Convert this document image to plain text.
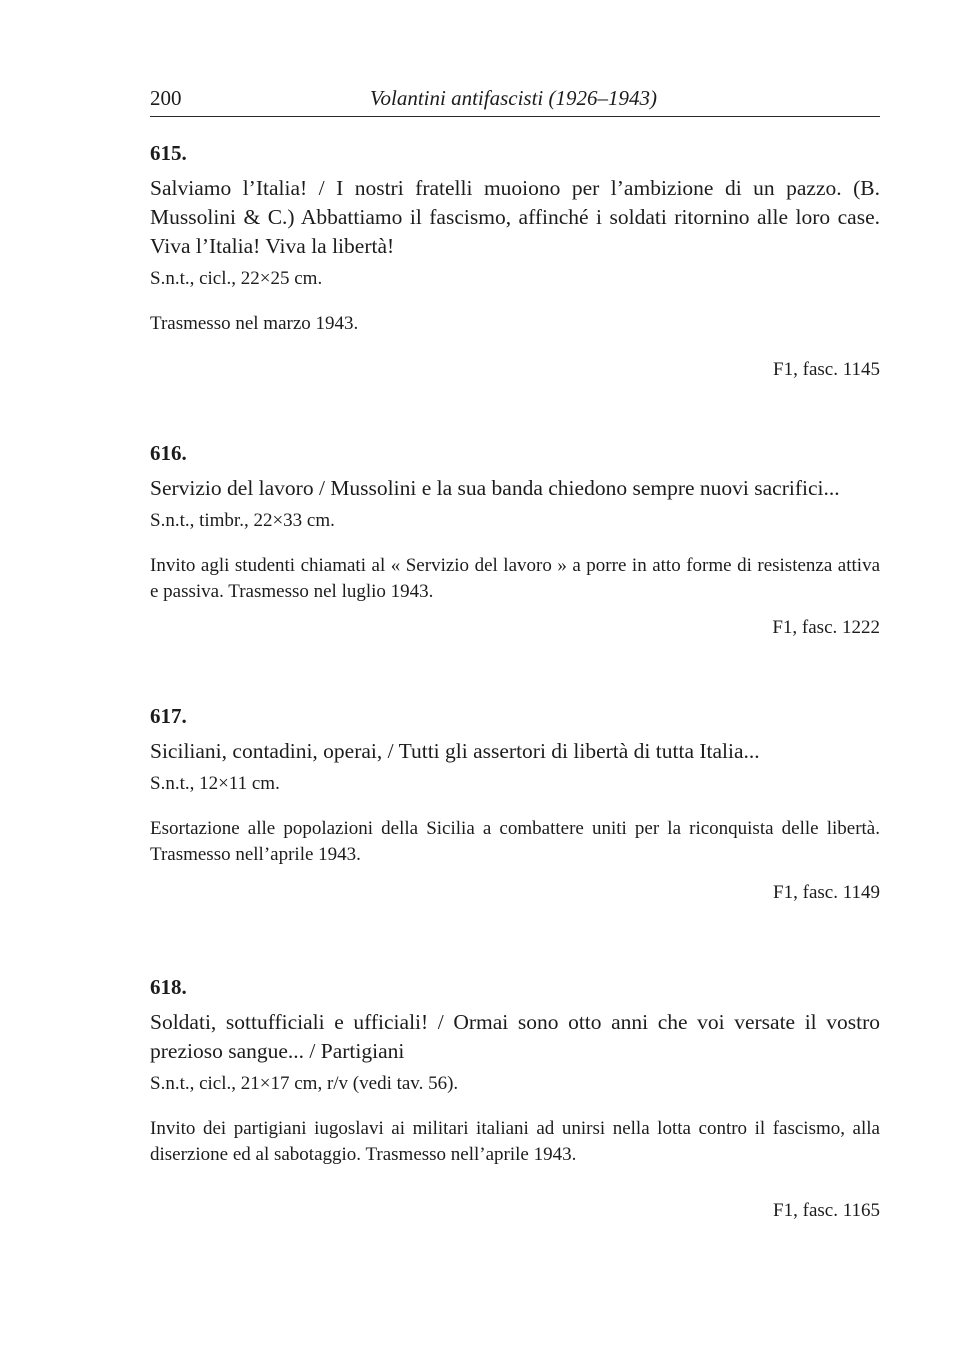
200	Volantini antifascisti (1926–1943)

615.

Salviamo l’Italia! / I nostri fratelli muoiono per l’ambizione di un pazzo. (B. Mussolini & C.) Abbattiamo il fascismo, affinché i soldati ritornino alle loro case. Viva l’Italia! Viva la libertà!

S.n.t., cicl., 22×25 cm.

Trasmesso nel marzo 1943.

F1, fasc. 1145

616.

Servizio del lavoro / Mussolini e la sua banda chiedono sempre nuovi sacrifici...

S.n.t., timbr., 22×33 cm.

Invito agli studenti chiamati al « Servizio del lavoro » a porre in atto forme di resistenza attiva e passiva. Trasmesso nel luglio 1943.

F1, fasc. 1222

617.

Siciliani, contadini, operai, / Tutti gli assertori di libertà di tutta Italia...

S.n.t., 12×11 cm.

Esortazione alle popolazioni della Sicilia a combattere uniti per la riconquista delle libertà. Trasmesso nell’aprile 1943.

F1, fasc. 1149

618.

Soldati, sottufficiali e ufficiali! / Ormai sono otto anni che voi versate il vostro prezioso sangue... / Partigiani

S.n.t., cicl., 21×17 cm, r/v (vedi tav. 56).

Invito dei partigiani iugoslavi ai militari italiani ad unirsi nella lotta contro il fascismo, alla diserzione ed al sabotaggio. Trasmesso nell’aprile 1943.

F1, fasc. 1165
